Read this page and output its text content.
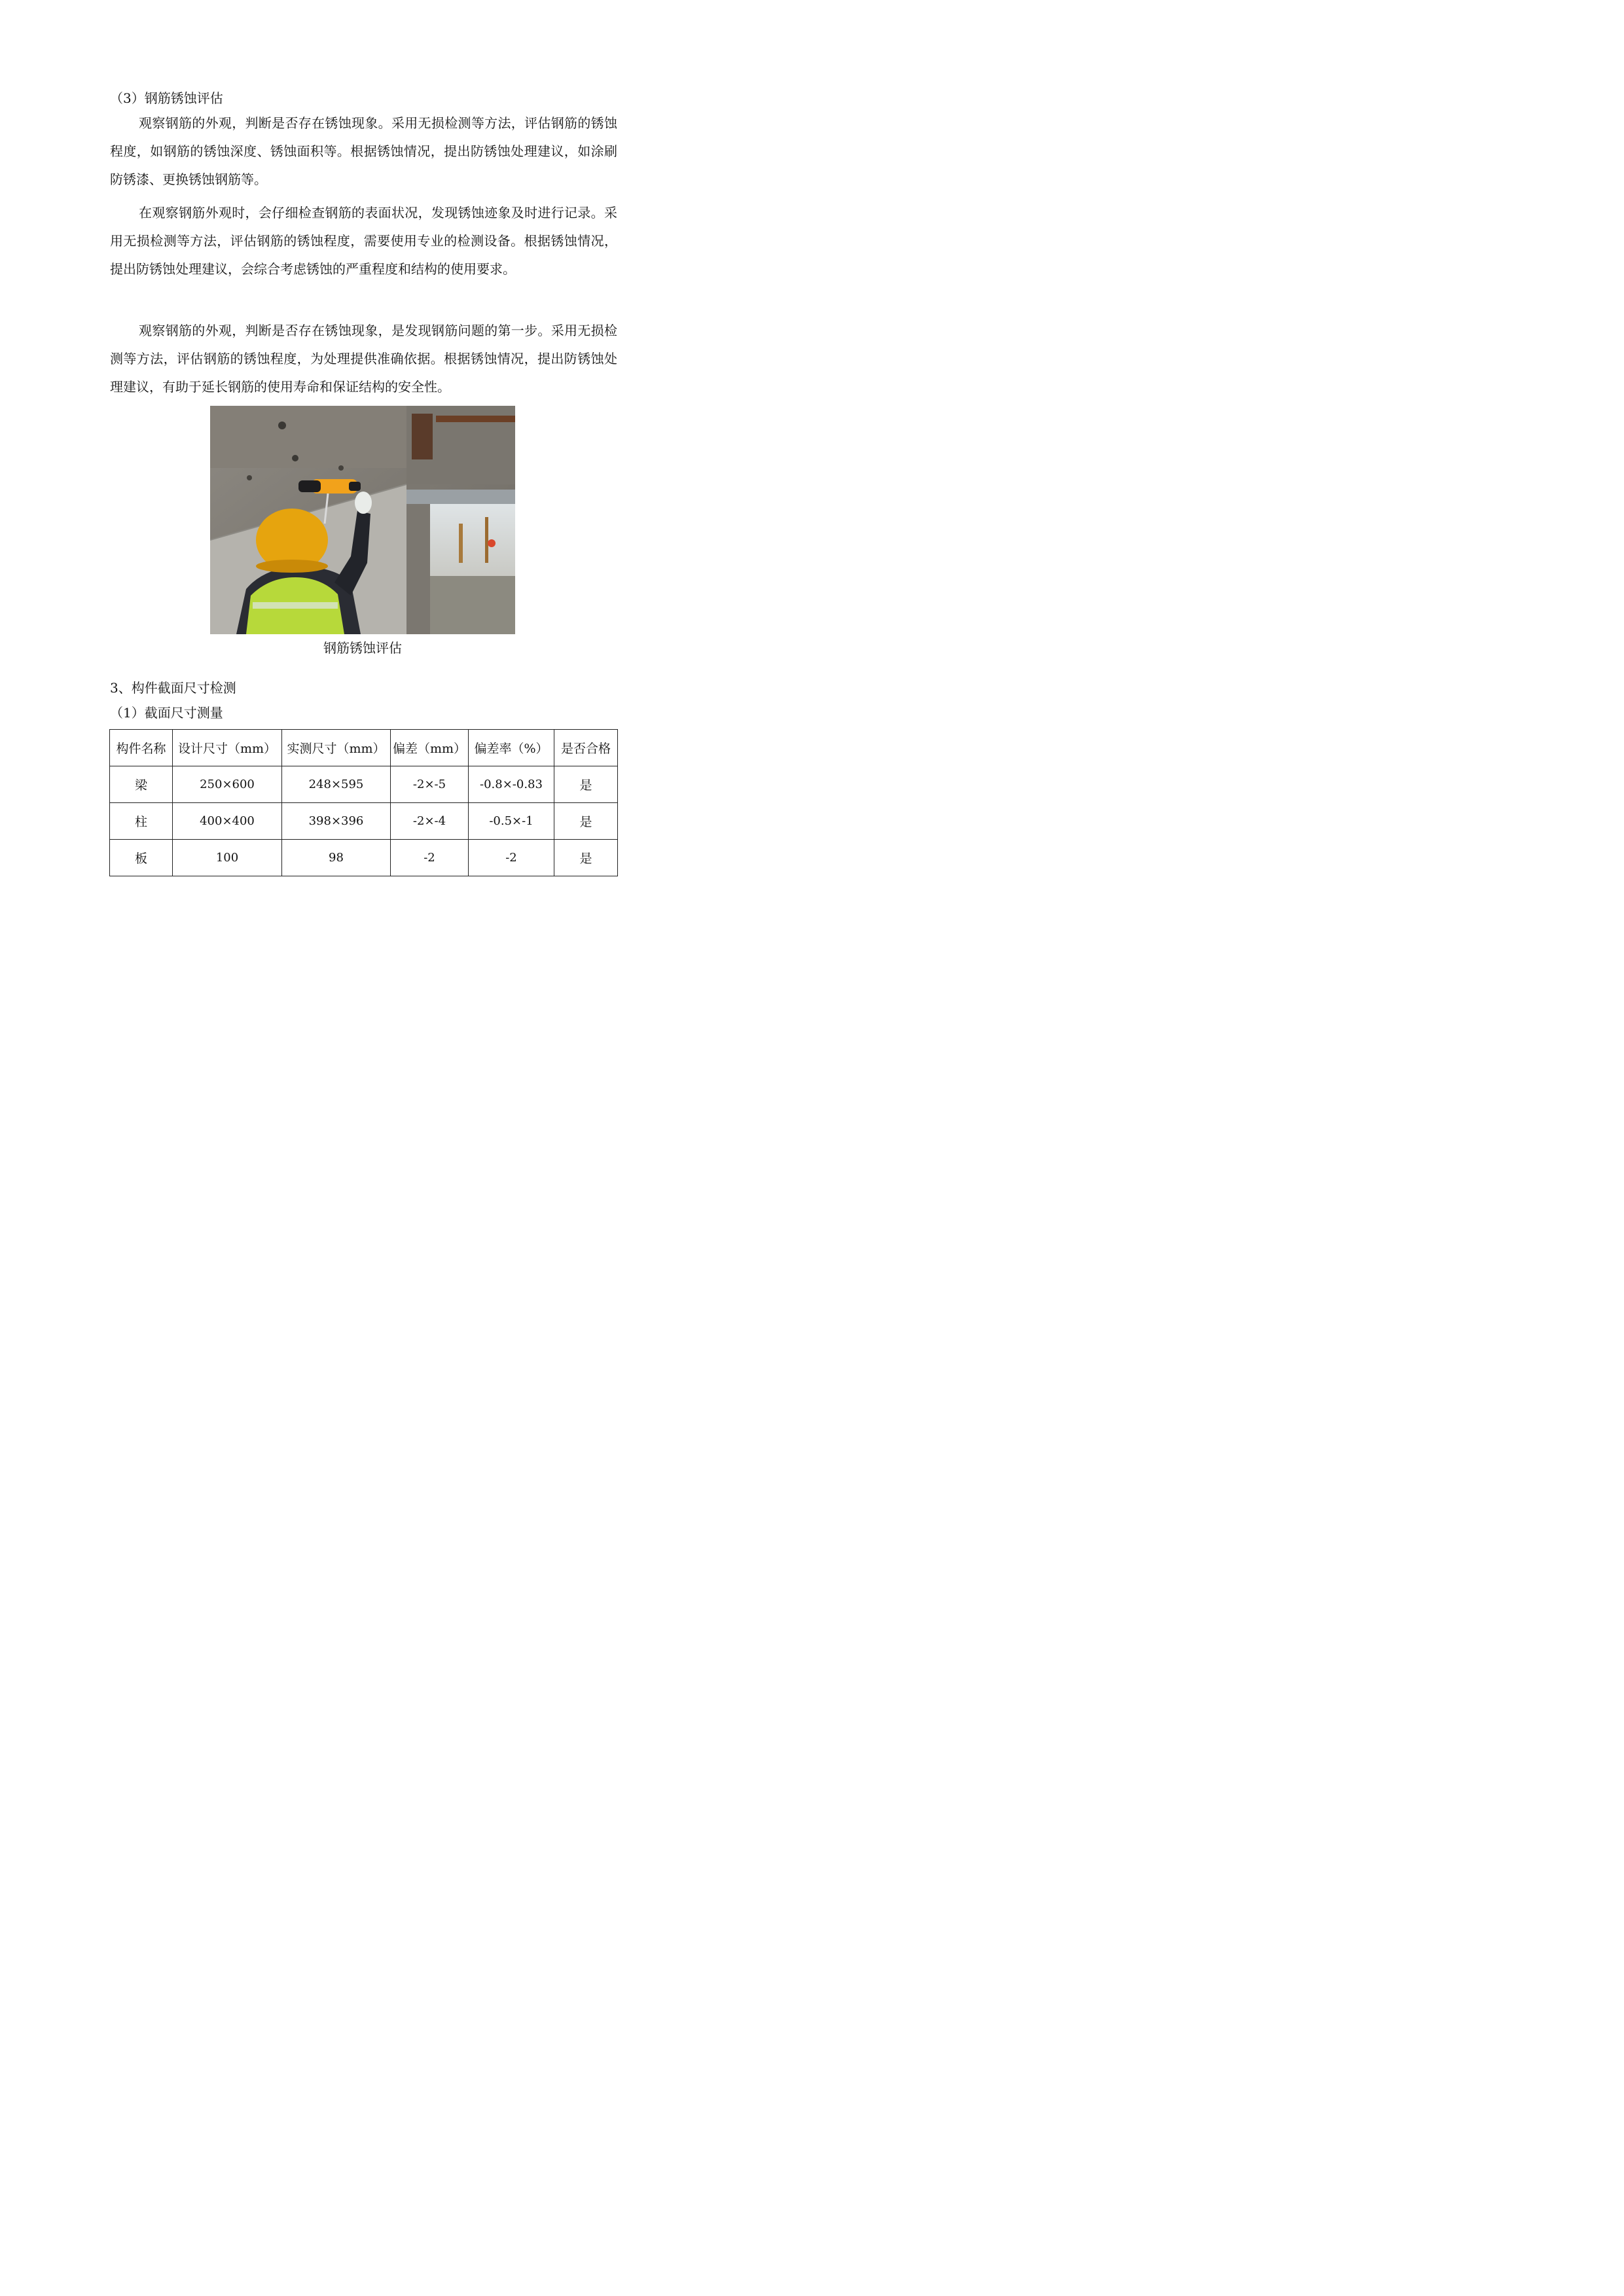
（3）钢筋锈蚀评估

观察钢筋的外观，判断是否存在锈蚀现象。采用无损检测等方法，评估钢筋的锈蚀程度，如钢筋的锈蚀深度、锈蚀面积等。根据锈蚀情况，提出防锈蚀处理建议，如涂刷防锈漆、更换锈蚀钢筋等。

在观察钢筋外观时，会仔细检查钢筋的表面状况，发现锈蚀迹象及时进行记录。采用无损检测等方法，评估钢筋的锈蚀程度，需要使用专业的检测设备。根据锈蚀情况，提出防锈蚀处理建议，会综合考虑锈蚀的严重程度和结构的使用要求。

观察钢筋的外观，判断是否存在锈蚀现象，是发现钢筋问题的第一步。采用无损检测等方法，评估钢筋的锈蚀程度，为处理提供准确依据。根据锈蚀情况，提出防锈蚀处理建议，有助于延长钢筋的使用寿命和保证结构的安全性。

钢筋锈蚀评估
3、构件截面尺寸检测
（1）截面尺寸测量
构件名称	设计尺寸（mm）	实测尺寸（mm）	偏差（mm）	偏差率（%）	是否合格
梁	250×600	248×595	-2×-5	-0.8×-0.83	是
柱	400×400	398×396	-2×-4	-0.5×-1	是
板	100	98	-2	-2	是
